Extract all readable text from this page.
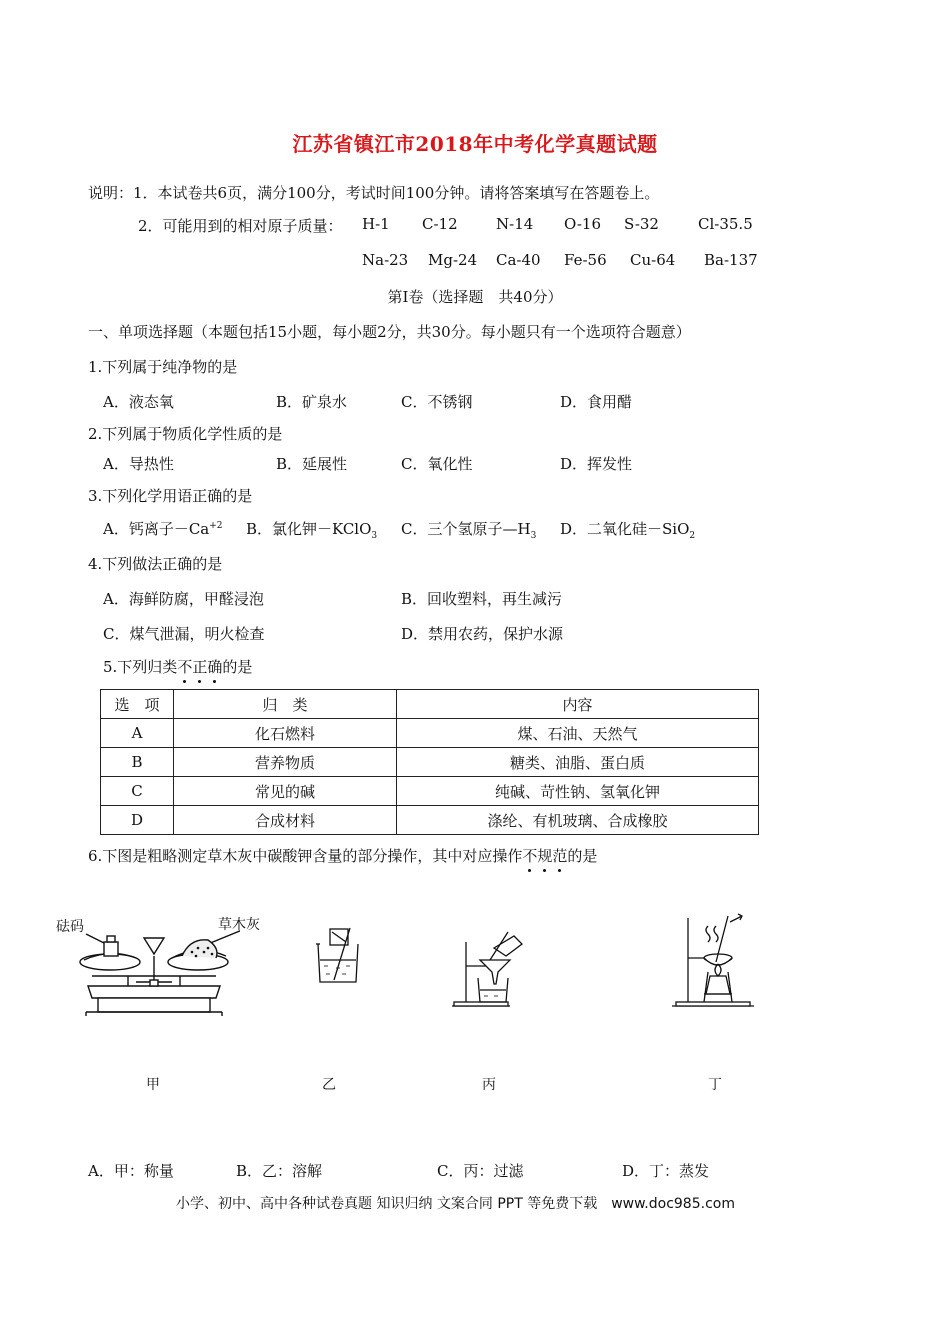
江苏省镇江市2018年中考化学真题试题
说明：1．本试卷共6页，满分100分，考试时间100分钟。请将答案填写在答题卷上。
2．可能用到的相对原子质量： H-1 C-12	N-14 O-16 S-32	Cl-35.5
Na-23 Mg-24 Ca-40 Fe-56 Cu-64 Ba-137
第Ⅰ卷（选择题　共40分）
一、单项选择题（本题包括15小题，每小题2分，共30分。每小题只有一个选项符合题意）
1.下列属于纯净物的是
A．液态氧	B．矿泉水	C．不锈钢	D．食用醋
2.下列属于物质化学性质的是
A．导热性	B．延展性	C．氧化性	D．挥发性
3.下列化学用语正确的是
A．钙离子$-Ca^{+2}$ B．氯化钾－KClO$_3$ C．三个氢原子$—H_3$ D．二氧化硅－SiO$_2$
4.下列做法正确的是
A．海鲜防腐，甲醛浸泡	B．回收塑料，再生减污
C．煤气泄漏，明火检查	D．禁用农药，保护水源
5.下列归类不正确的是
选　项	归　类	内容
A	化石燃料	煤、石油、天然气
B	营养物质	糖类、油脂、蛋白质
C	常见的碱	纯碱、苛性钠、氢氧化钾
D	合成材料	涤纶、有机玻璃、合成橡胶
6.下图是粗略测定草木灰中碳酸钾含量的部分操作，其中对应操作不规范的是
砝码	草木灰
甲	乙	丙	丁
A．甲：称量	B．乙：溶解	C．丙：过滤	D．丁：蒸发
小学、初中、高中各种试卷真题 知识归纳 文案合同 PPT 等免费下载　www.doc985.com
